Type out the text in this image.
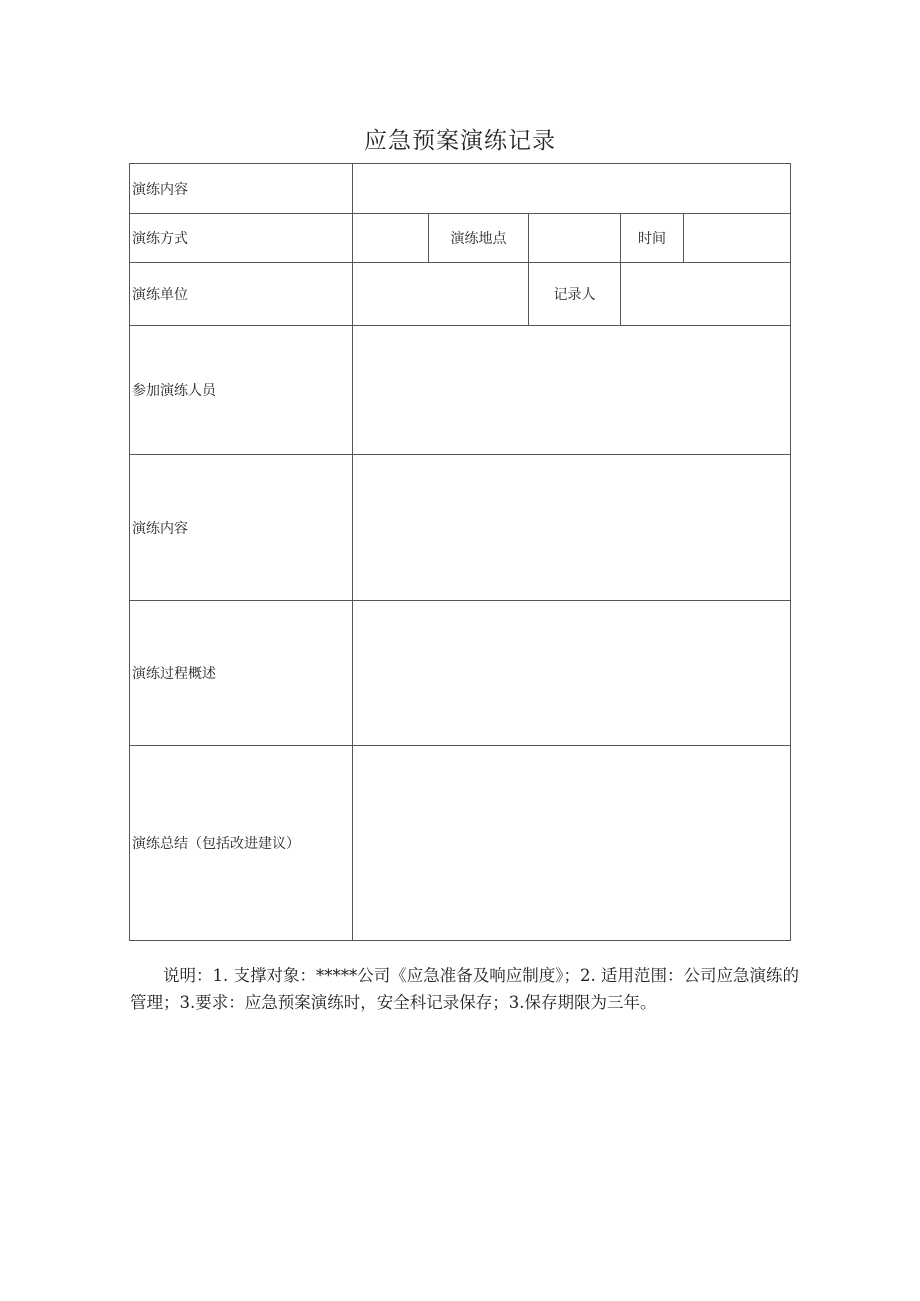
应急预案演练记录
演练内容					
演练方式		演练地点		时间	
演练单位			记录人		
参加演练人员					
演练内容					
演练过程概述					
演练总结（包括改进建议）					
说明：1. 支撑对象：*****公司《应急准备及响应制度》；2. 适用范围：公司应急演练的管理；3.要求：应急预案演练时，安全科记录保存；3.保存期限为三年。
